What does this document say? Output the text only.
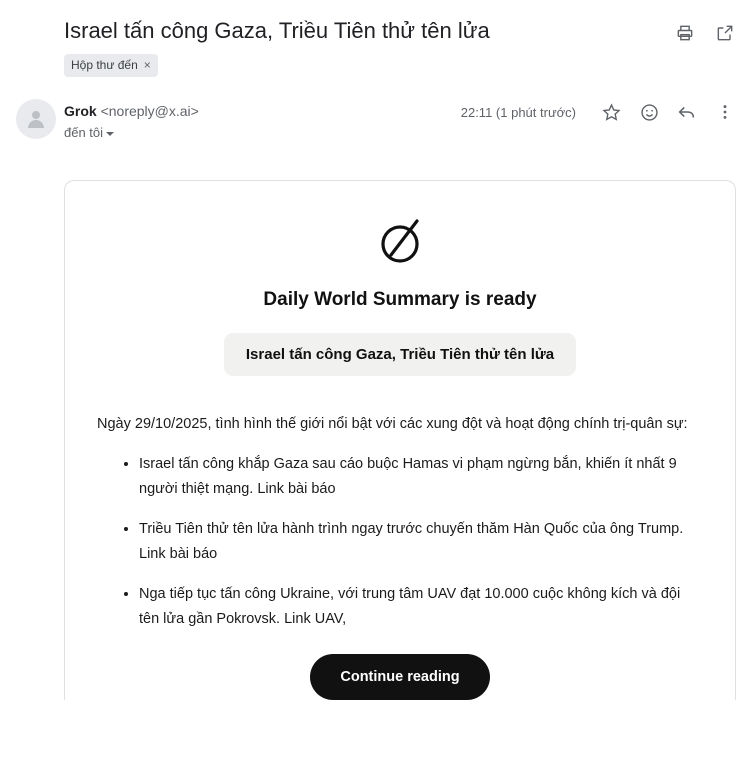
Israel tấn công Gaza, Triều Tiên thử tên lửa
Hộp thư đến ×
Grok <noreply@x.ai>
đến tôi
22:11 (1 phút trước)
Daily World Summary is ready
Israel tấn công Gaza, Triều Tiên thử tên lửa

Ngày 29/10/2025, tình hình thế giới nổi bật với các xung đột và hoạt động chính trị-quân sự:

• Israel tấn công khắp Gaza sau cáo buộc Hamas vi phạm ngừng bắn, khiến ít nhất 9 người thiệt mạng. Link bài báo
• Triều Tiên thử tên lửa hành trình ngay trước chuyến thăm Hàn Quốc của ông Trump. Link bài báo
• Nga tiếp tục tấn công Ukraine, với trung tâm UAV đạt 10.000 cuộc không kích và đội tên lửa gần Pokrovsk. Link UAV,
Continue reading
